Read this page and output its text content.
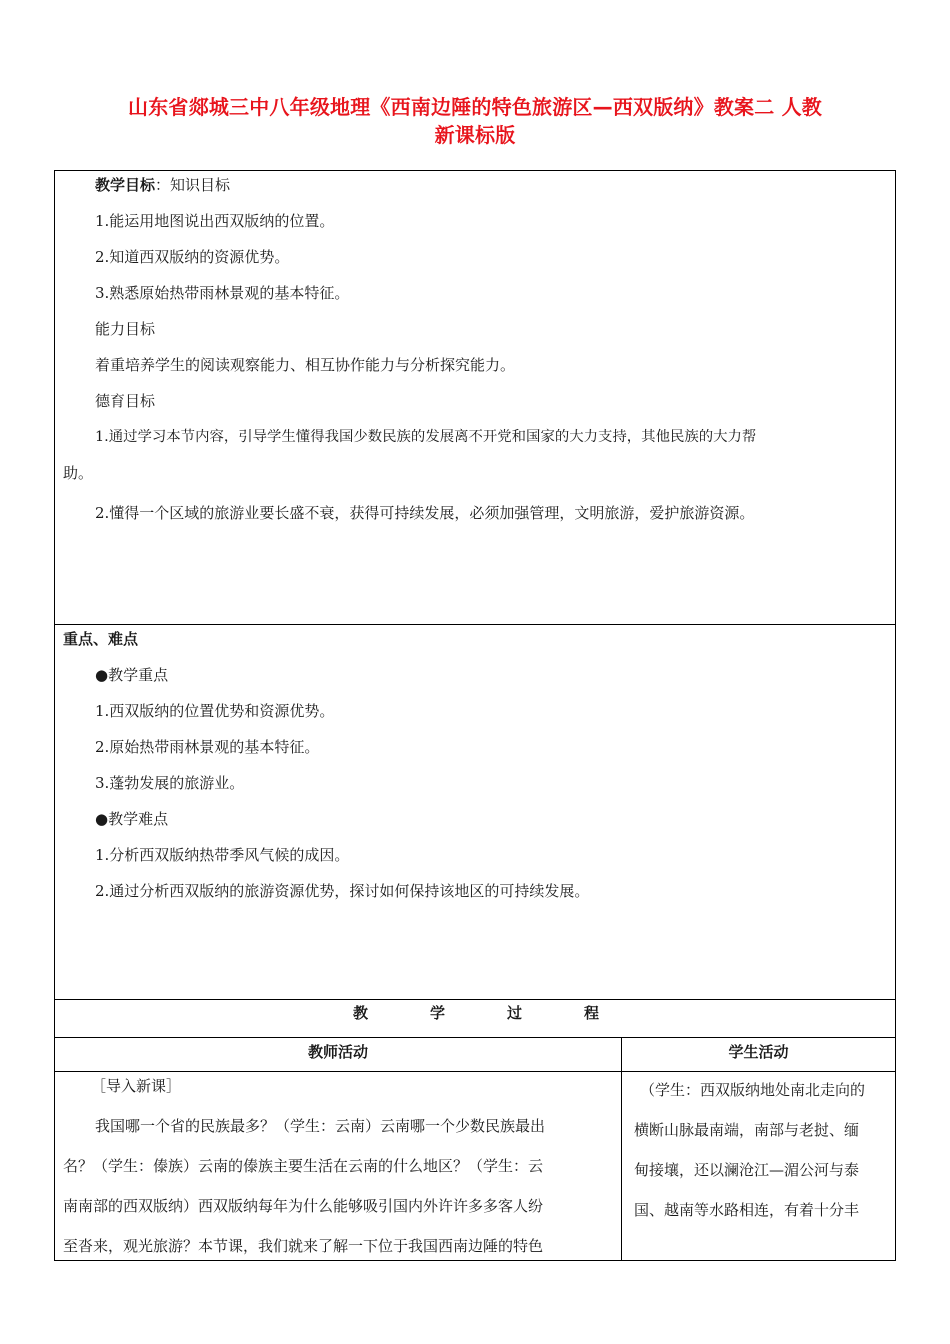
山东省郯城三中八年级地理《西南边陲的特色旅游区—西双版纳》教案二 人教
新课标版
教学目标：知识目标
1.能运用地图说出西双版纳的位置。
2.知道西双版纳的资源优势。
3.熟悉原始热带雨林景观的基本特征。
能力目标
着重培养学生的阅读观察能力、相互协作能力与分析探究能力。
德育目标
1.通过学习本节内容，引导学生懂得我国少数民族的发展离不开党和国家的大力支持，其他民族的大力帮
助。
2.懂得一个区域的旅游业要长盛不衰，获得可持续发展，必须加强管理，文明旅游，爱护旅游资源。
重点、难点
●教学重点
1.西双版纳的位置优势和资源优势。
2.原始热带雨林景观的基本特征。
3.蓬勃发展的旅游业。
●教学难点
1.分析西双版纳热带季风气候的成因。
2.通过分析西双版纳的旅游资源优势，探讨如何保持该地区的可持续发展。
教学过程
教师活动	学生活动
［导入新课］
我国哪一个省的民族最多？（学生：云南）云南哪一个少数民族最出
名？（学生：傣族）云南的傣族主要生活在云南的什么地区？（学生：云
南南部的西双版纳）西双版纳每年为什么能够吸引国内外许许多多客人纷
至沓来，观光旅游？本节课，我们就来了解一下位于我国西南边陲的特色
（学生：西双版纳地处南北走向的
横断山脉最南端，南部与老挝、缅
甸接壤，还以澜沧江—湄公河与泰
国、越南等水路相连，有着十分丰
